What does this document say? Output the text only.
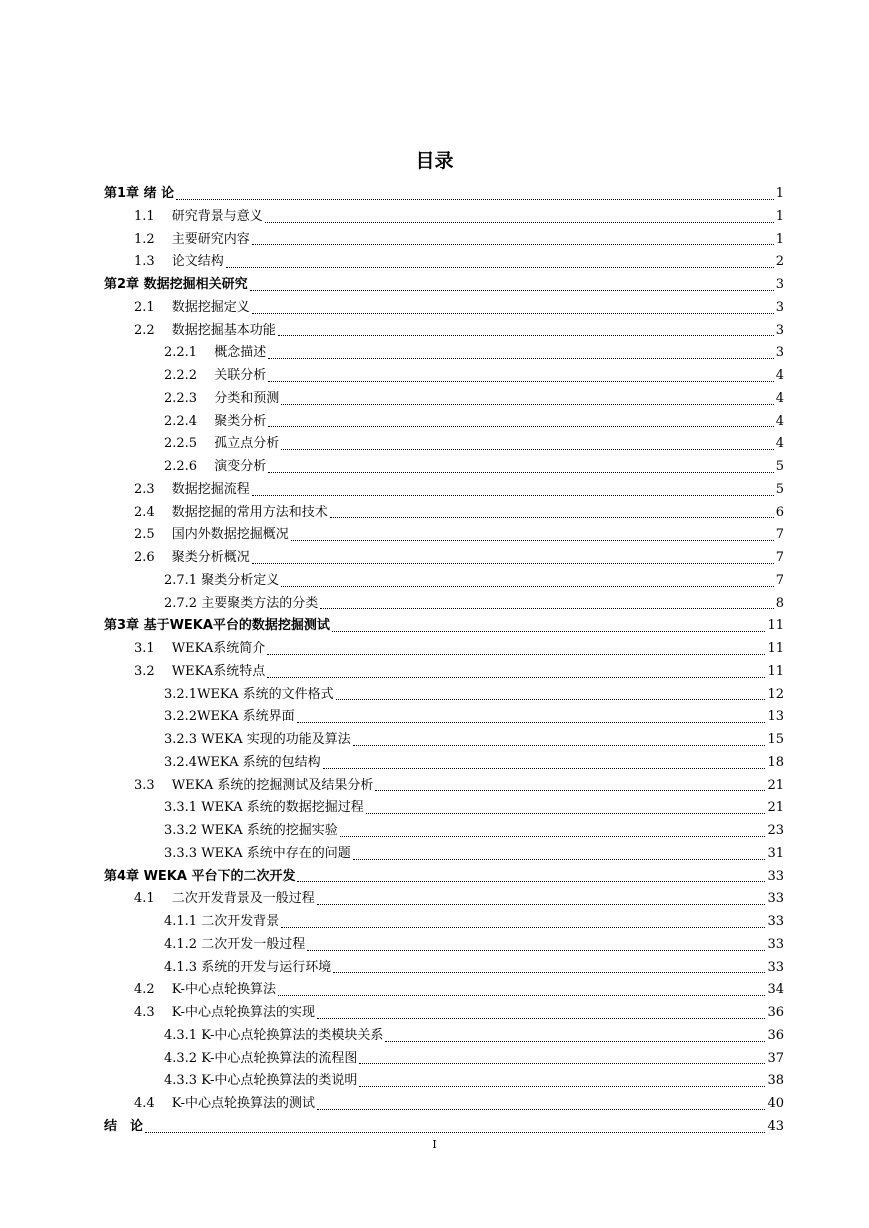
目录
第1章 绪 论	1
1.1　 研究背景与意义	1
1.2　 主要研究内容	1
1.3　 论文结构	2
第2章 数据挖掘相关研究	3
2.1　 数据挖掘定义	3
2.2　 数据挖掘基本功能	3
2.2.1　 概念描述	3
2.2.2　 关联分析	4
2.2.3　 分类和预测	4
2.2.4　 聚类分析	4
2.2.5　 孤立点分析	4
2.2.6　 演变分析	5
2.3　 数据挖掘流程	5
2.4　 数据挖掘的常用方法和技术	6
2.5　 国内外数据挖掘概况	7
2.6　 聚类分析概况	7
2.7.1 聚类分析定义	7
2.7.2 主要聚类方法的分类	8
第3章 基于WEKA平台的数据挖掘测试	11
3.1　 WEKA系统简介	11
3.2　 WEKA系统特点	11
3.2.1WEKA 系统的文件格式	12
3.2.2WEKA 系统界面	13
3.2.3 WEKA 实现的功能及算法	15
3.2.4WEKA 系统的包结构	18
3.3　 WEKA 系统的挖掘测试及结果分析	21
3.3.1 WEKA 系统的数据挖掘过程	21
3.3.2 WEKA 系统的挖掘实验	23
3.3.3 WEKA 系统中存在的问题	31
第4章 WEKA 平台下的二次开发	33
4.1　 二次开发背景及一般过程	33
4.1.1 二次开发背景	33
4.1.2 二次开发一般过程	33
4.1.3 系统的开发与运行环境	33
4.2　 K-中心点轮换算法	34
4.3　 K-中心点轮换算法的实现	36
4.3.1 K-中心点轮换算法的类模块关系	36
4.3.2 K-中心点轮换算法的流程图	37
4.3.3 K-中心点轮换算法的类说明	38
4.4　 K-中心点轮换算法的测试	40
结　论	43
I
